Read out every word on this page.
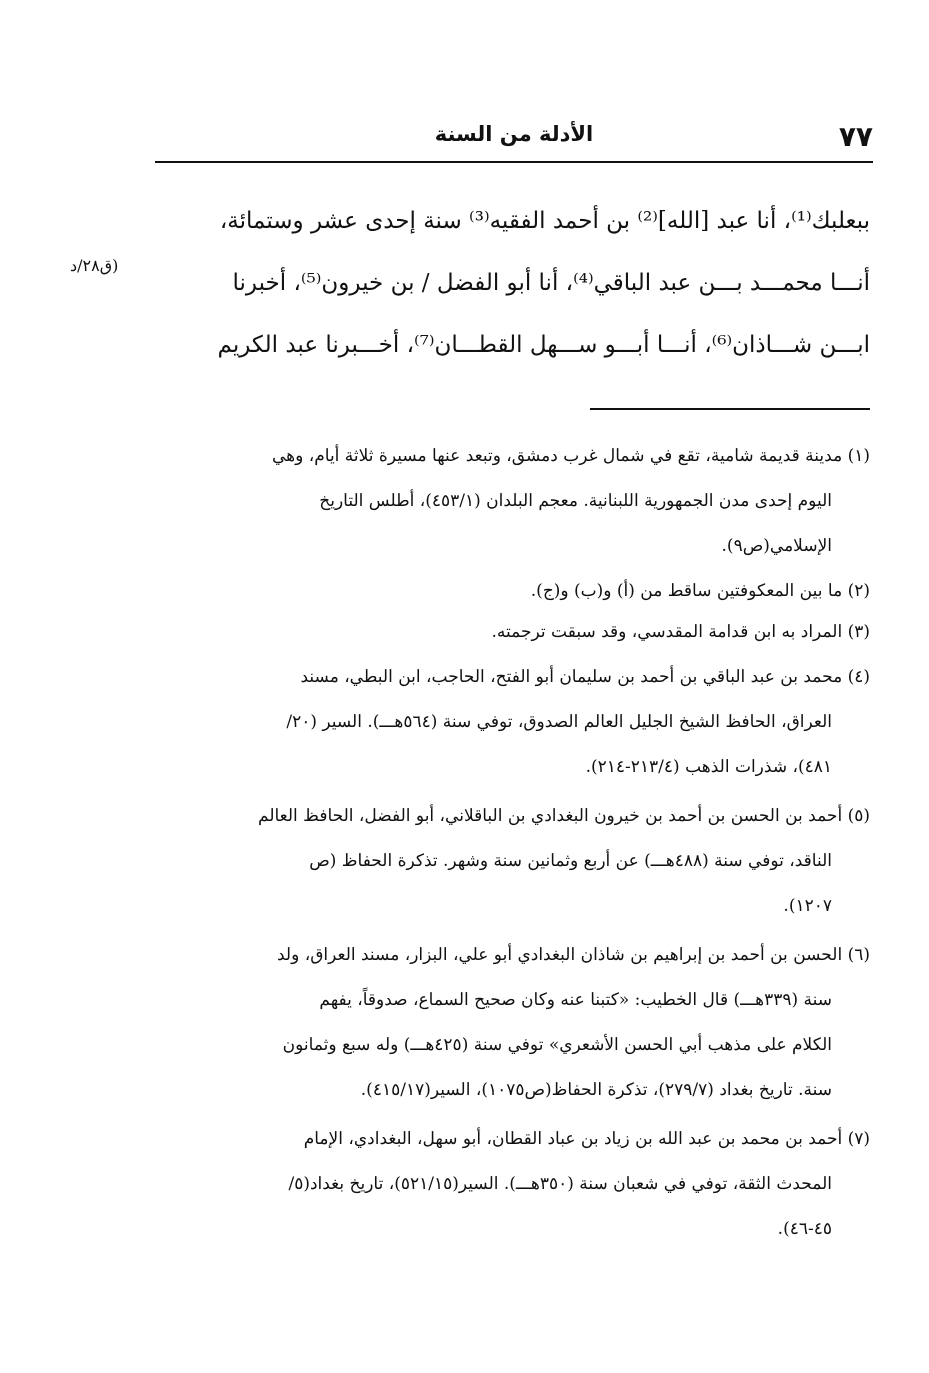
٧٧
الأدلة من السنة
ببعلبك⁽¹⁾، أنا عبد [الله]⁽²⁾ بن أحمد الفقيه⁽³⁾ سنة إحدى عشر وستمائة،
أنـــا محمـــد بـــن عبد الباقي⁽⁴⁾، أنا أبو الفضل / بن خيرون⁽⁵⁾، أخبرنا
ابـــن شـــاذان⁽⁶⁾، أنـــا أبـــو ســـهل القطـــان⁽⁷⁾، أخـــبرنا عبد الكريم
(ق٢٨/د
(١) مدينة قديمة شامية، تقع في شمال غرب دمشق، وتبعد عنها مسيرة ثلاثة أيام، وهي
اليوم إحدى مدن الجمهورية اللبنانية. معجم البلدان (٤٥٣/١)، أطلس التاريخ
الإسلامي(ص٩).
(٢) ما بين المعكوفتين ساقط من (أ) و(ب) و(ج).
(٣) المراد به ابن قدامة المقدسي، وقد سبقت ترجمته.
(٤) محمد بن عبد الباقي بن أحمد بن سليمان أبو الفتح، الحاجب، ابن البطي، مسند
العراق، الحافظ الشيخ الجليل العالم الصدوق، توفي سنة (٥٦٤هـــ). السير (٢٠/
٤٨١)، شذرات الذهب (٢١٣/٤-٢١٤).
(٥) أحمد بن الحسن بن أحمد بن خيرون البغدادي بن الباقلاني، أبو الفضل، الحافظ العالم
الناقد، توفي سنة (٤٨٨هـــ) عن أربع وثمانين سنة وشهر. تذكرة الحفاظ (ص
١٢٠٧).
(٦) الحسن بن أحمد بن إبراهيم بن شاذان البغدادي أبو علي، البزار، مسند العراق، ولد
سنة (٣٣٩هـــ) قال الخطيب: «كتبنا عنه وكان صحيح السماع، صدوقاً، يفهم
الكلام على مذهب أبي الحسن الأشعري» توفي سنة (٤٢٥هـــ) وله سبع وثمانون
سنة. تاريخ بغداد (٢٧٩/٧)، تذكرة الحفاظ(ص١٠٧٥)، السير(٤١٥/١٧).
(٧) أحمد بن محمد بن عبد الله بن زياد بن عباد القطان، أبو سهل، البغدادي، الإمام
المحدث الثقة، توفي في شعبان سنة (٣٥٠هـــ). السير(٥٢١/١٥)، تاريخ بغداد(٥/
٤٥-٤٦).
